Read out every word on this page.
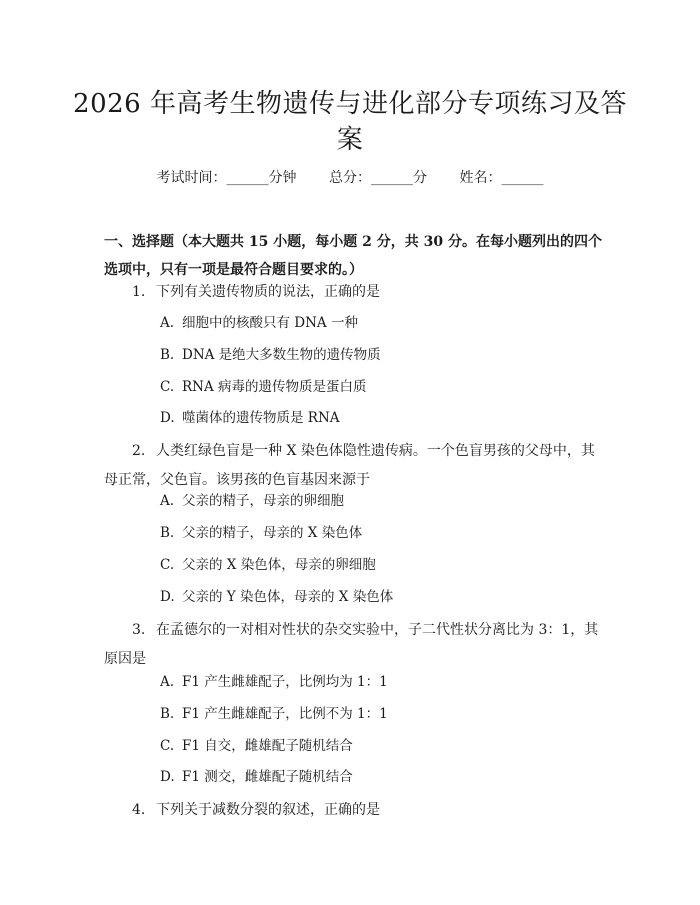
2026 年高考生物遗传与进化部分专项练习及答案
考试时间：______分钟 总分：______分 姓名：______
一、选择题（本大题共 15 小题，每小题 2 分，共 30 分。在每小题列出的四个选项中，只有一项是最符合题目要求的。）
1. 下列有关遗传物质的说法，正确的是
A. 细胞中的核酸只有 DNA 一种
B. DNA 是绝大多数生物的遗传物质
C. RNA 病毒的遗传物质是蛋白质
D. 噬菌体的遗传物质是 RNA
2. 人类红绿色盲是一种 X 染色体隐性遗传病。一个色盲男孩的父母中，其母正常，父色盲。该男孩的色盲基因来源于
A. 父亲的精子，母亲的卵细胞
B. 父亲的精子，母亲的 X 染色体
C. 父亲的 X 染色体，母亲的卵细胞
D. 父亲的 Y 染色体，母亲的 X 染色体
3. 在孟德尔的一对相对性状的杂交实验中，子二代性状分离比为 3：1，其原因是
A. F1 产生雌雄配子，比例均为 1：1
B. F1 产生雌雄配子，比例不为 1：1
C. F1 自交，雌雄配子随机结合
D. F1 测交，雌雄配子随机结合
4. 下列关于减数分裂的叙述，正确的是
